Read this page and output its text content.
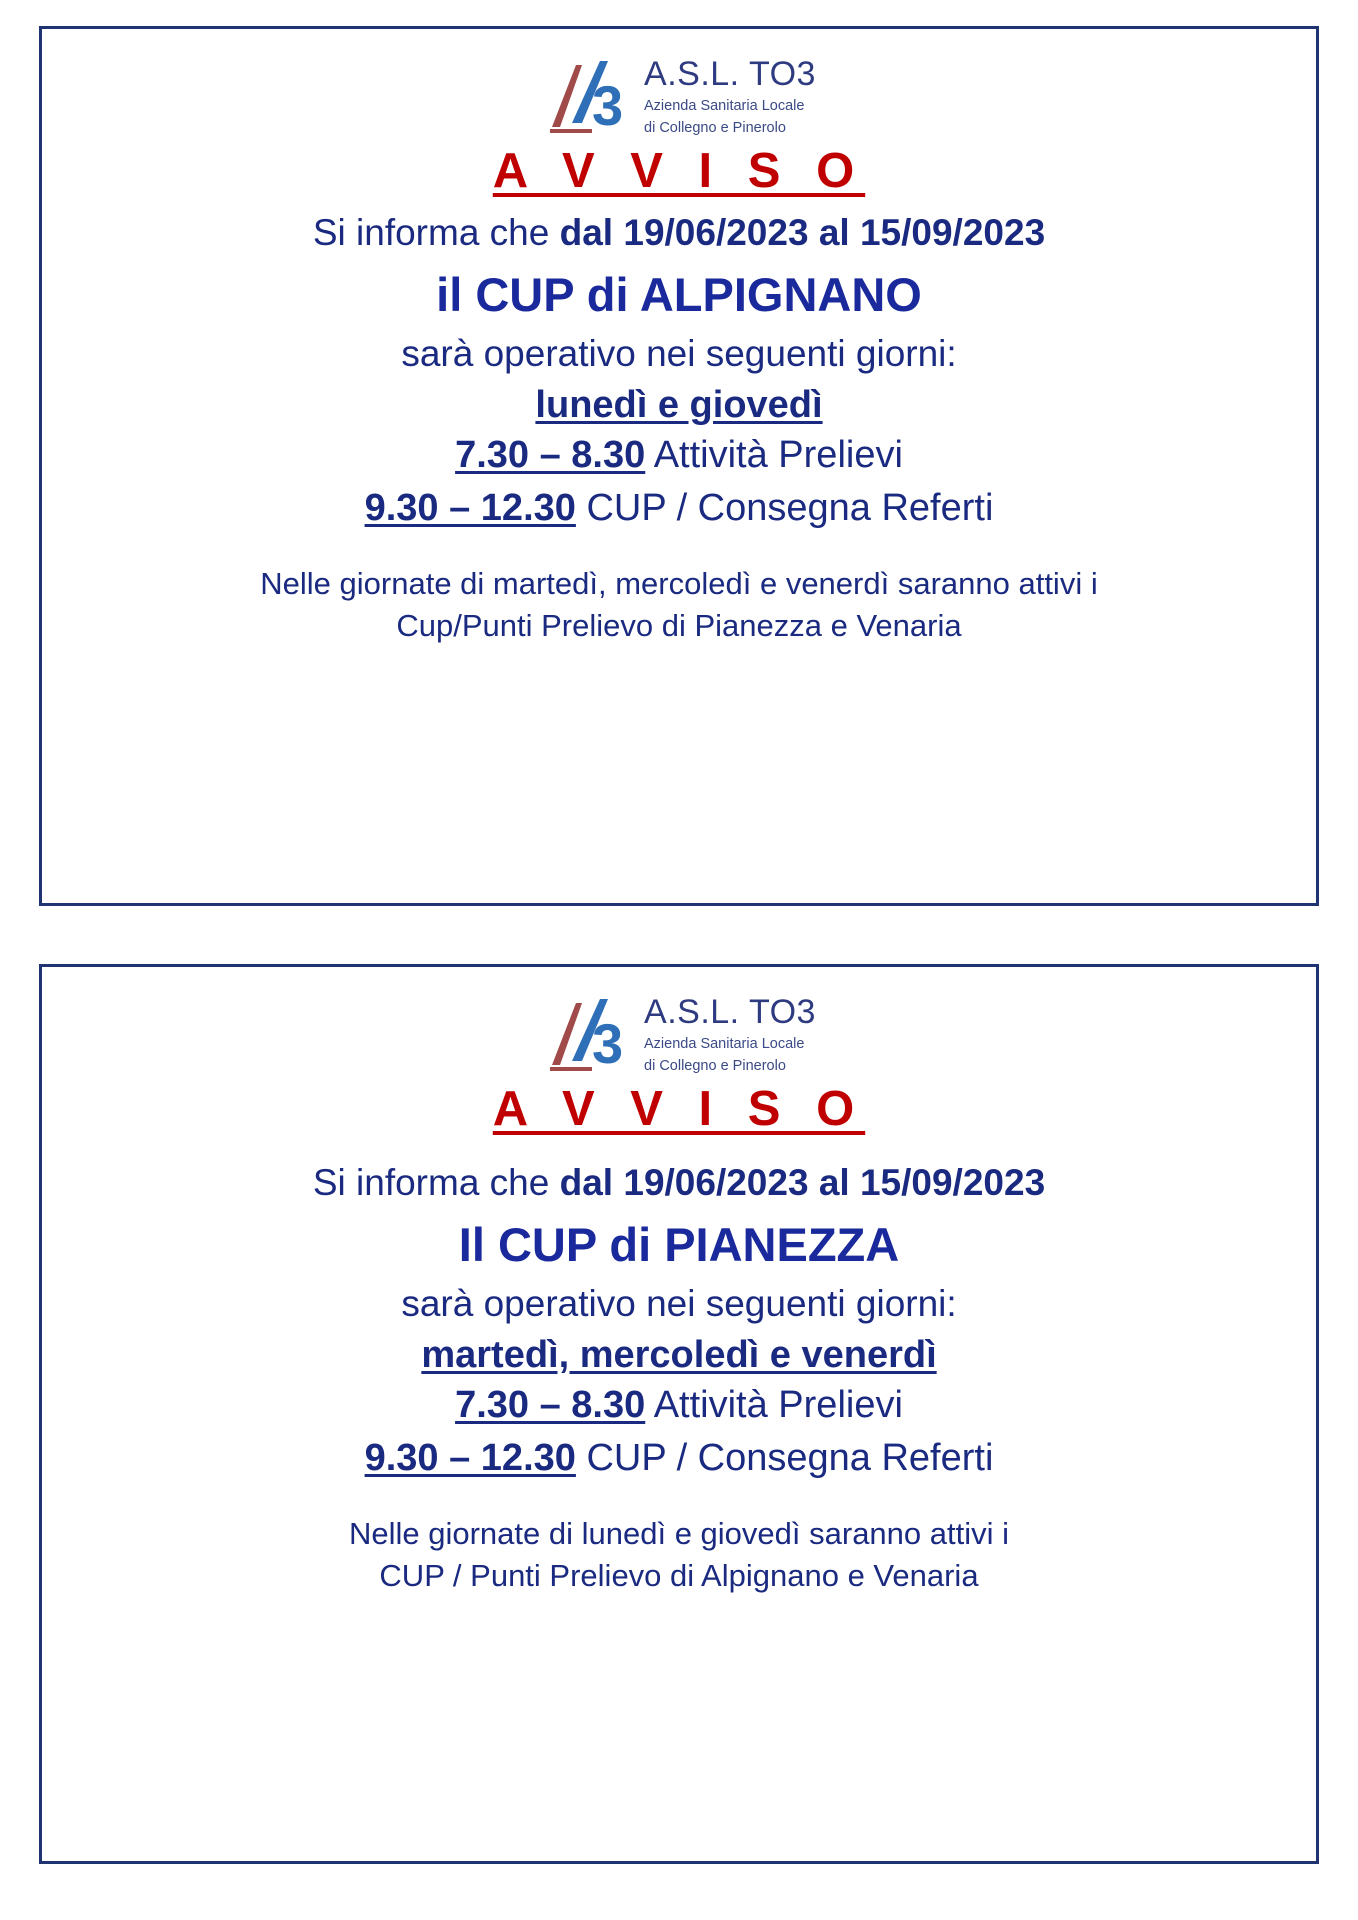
3 A.S.L. TO3
Azienda Sanitaria Locale
di Collegno e Pinerolo
A V V I S O
Si informa che dal 19/06/2023 al 15/09/2023
il CUP di ALPIGNANO
sarà operativo nei seguenti giorni:
lunedì e giovedì
7.30 – 8.30 Attività Prelievi
9.30 – 12.30 CUP / Consegna Referti
Nelle giornate di martedì, mercoledì e venerdì saranno attivi i
Cup/Punti Prelievo di Pianezza e Venaria
3 A.S.L. TO3
Azienda Sanitaria Locale
di Collegno e Pinerolo
A V V I S O
Si informa che dal 19/06/2023 al 15/09/2023
Il CUP di PIANEZZA
sarà operativo nei seguenti giorni:
martedì, mercoledì e venerdì
7.30 – 8.30 Attività Prelievi
9.30 – 12.30 CUP / Consegna Referti
Nelle giornate di lunedì e giovedì saranno attivi i
CUP / Punti Prelievo di Alpignano e Venaria
